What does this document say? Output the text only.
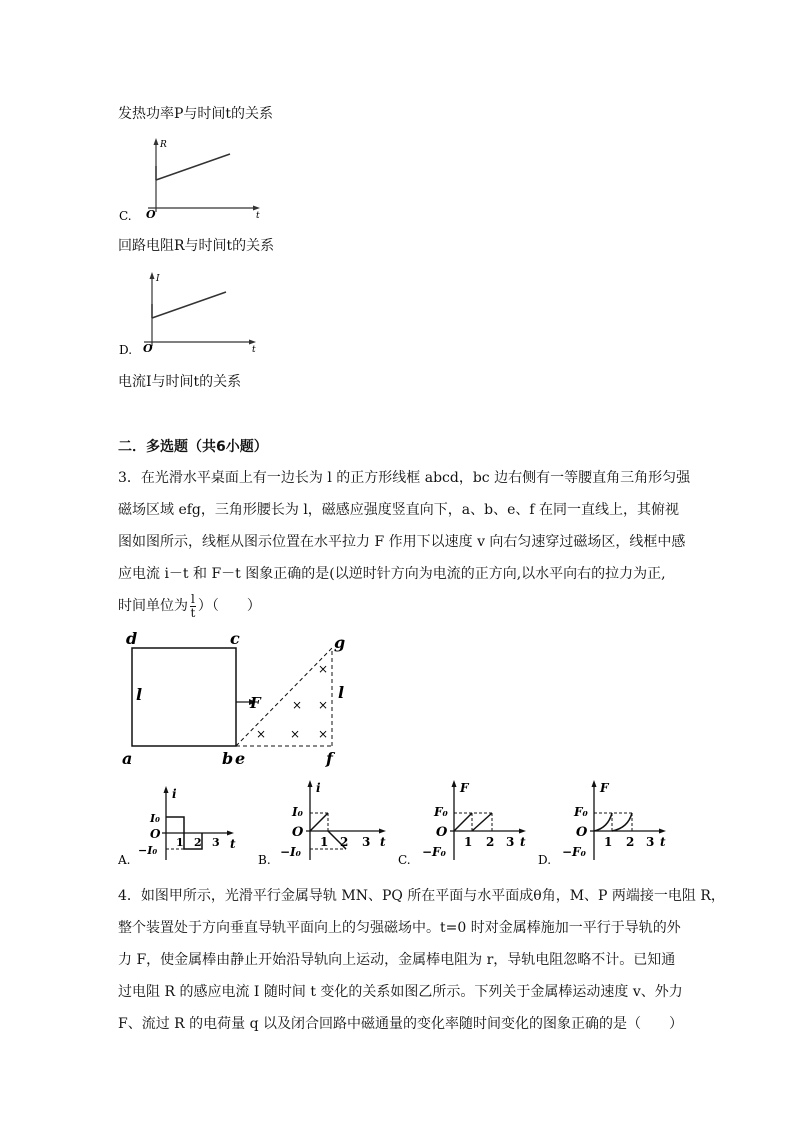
发热功率P与时间t的关系
R
t
O
C.
回路电阻R与时间t的关系
I
t
O
D.
电流I与时间t的关系
二．多选题（共6小题）
3．在光滑水平桌面上有一边长为 l 的正方形线框 abcd，bc 边右侧有一等腰直角三角形匀强
磁场区域 efg，三角形腰长为 l，磁感应强度竖直向下，a、b、e、f 在同一直线上，其俯视
图如图所示，线框从图示位置在水平拉力 F 作用下以速度 v 向右匀速穿过磁场区，线框中感
应电流 i－t 和 F－t 图象正确的是(以逆时针方向为电流的正方向,以水平向右的拉力为正,
时间单位为 $\frac{l}{t}$ ）（　　）
×
× ×
× × ×
d	c	g
l	l
F
a	b e	f
i
t
O
I₀
−I₀
1 2 3
A.
i
t
O
I₀
−I₀
1 2 3
B.
F
t
O
F₀
−F₀
1 2 3
C.
F
t
O
F₀
−F₀
1 2 3
D.
4．如图甲所示，光滑平行金属导轨 MN、PQ 所在平面与水平面成θ角，M、P 两端接一电阻 R，
整个装置处于方向垂直导轨平面向上的匀强磁场中。t=0 时对金属棒施加一平行于导轨的外
力 F，使金属棒由静止开始沿导轨向上运动，金属棒电阻为 r，导轨电阻忽略不计。已知通
过电阻 R 的感应电流 I 随时间 t 变化的关系如图乙所示。下列关于金属棒运动速度 v、外力
F、流过 R 的电荷量 q 以及闭合回路中磁通量的变化率随时间变化的图象正确的是（　　）
